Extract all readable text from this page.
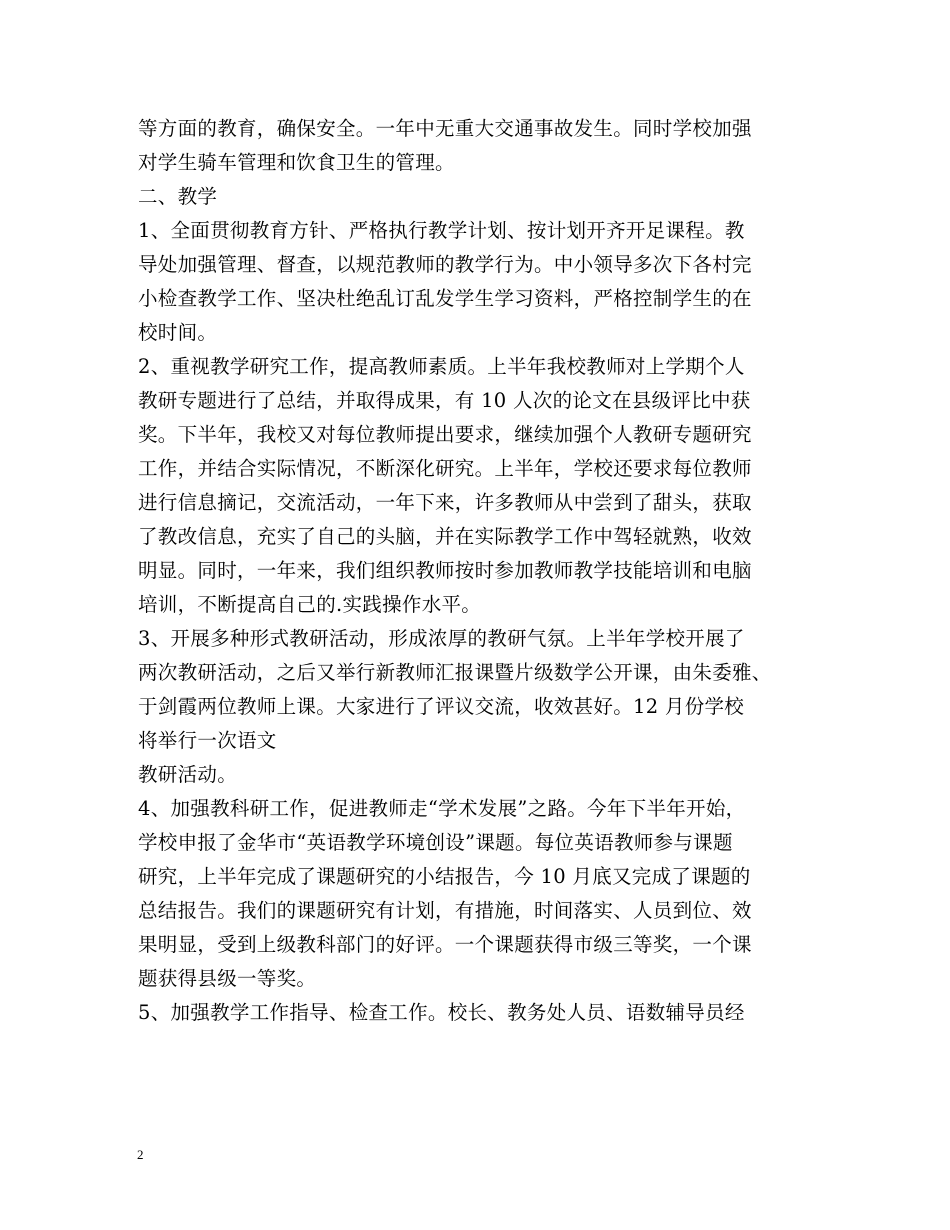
等方面的教育，确保安全。一年中无重大交通事故发生。同时学校加强
对学生骑车管理和饮食卫生的管理。
二、教学
1、全面贯彻教育方针、严格执行教学计划、按计划开齐开足课程。教
导处加强管理、督查，以规范教师的教学行为。中小领导多次下各村完
小检查教学工作、坚决杜绝乱订乱发学生学习资料，严格控制学生的在
校时间。
2、重视教学研究工作，提高教师素质。上半年我校教师对上学期个人
教研专题进行了总结，并取得成果，有 10 人次的论文在县级评比中获
奖。下半年，我校又对每位教师提出要求，继续加强个人教研专题研究
工作，并结合实际情况，不断深化研究。上半年，学校还要求每位教师
进行信息摘记，交流活动，一年下来，许多教师从中尝到了甜头，获取
了教改信息，充实了自己的头脑，并在实际教学工作中驾轻就熟，收效
明显。同时，一年来，我们组织教师按时参加教师教学技能培训和电脑
培训，不断提高自己的.实践操作水平。
3、开展多种形式教研活动，形成浓厚的教研气氛。上半年学校开展了
两次教研活动，之后又举行新教师汇报课暨片级数学公开课，由朱委雅、
于剑霞两位教师上课。大家进行了评议交流，收效甚好。12 月份学校
将举行一次语文
教研活动。
4、加强教科研工作，促进教师走“学术发展”之路。今年下半年开始，
学校申报了金华市“英语教学环境创设”课题。每位英语教师参与课题
研究，上半年完成了课题研究的小结报告，今 10 月底又完成了课题的
总结报告。我们的课题研究有计划，有措施，时间落实、人员到位、效
果明显，受到上级教科部门的好评。一个课题获得市级三等奖，一个课
题获得县级一等奖。
5、加强教学工作指导、检查工作。校长、教务处人员、语数辅导员经
2
